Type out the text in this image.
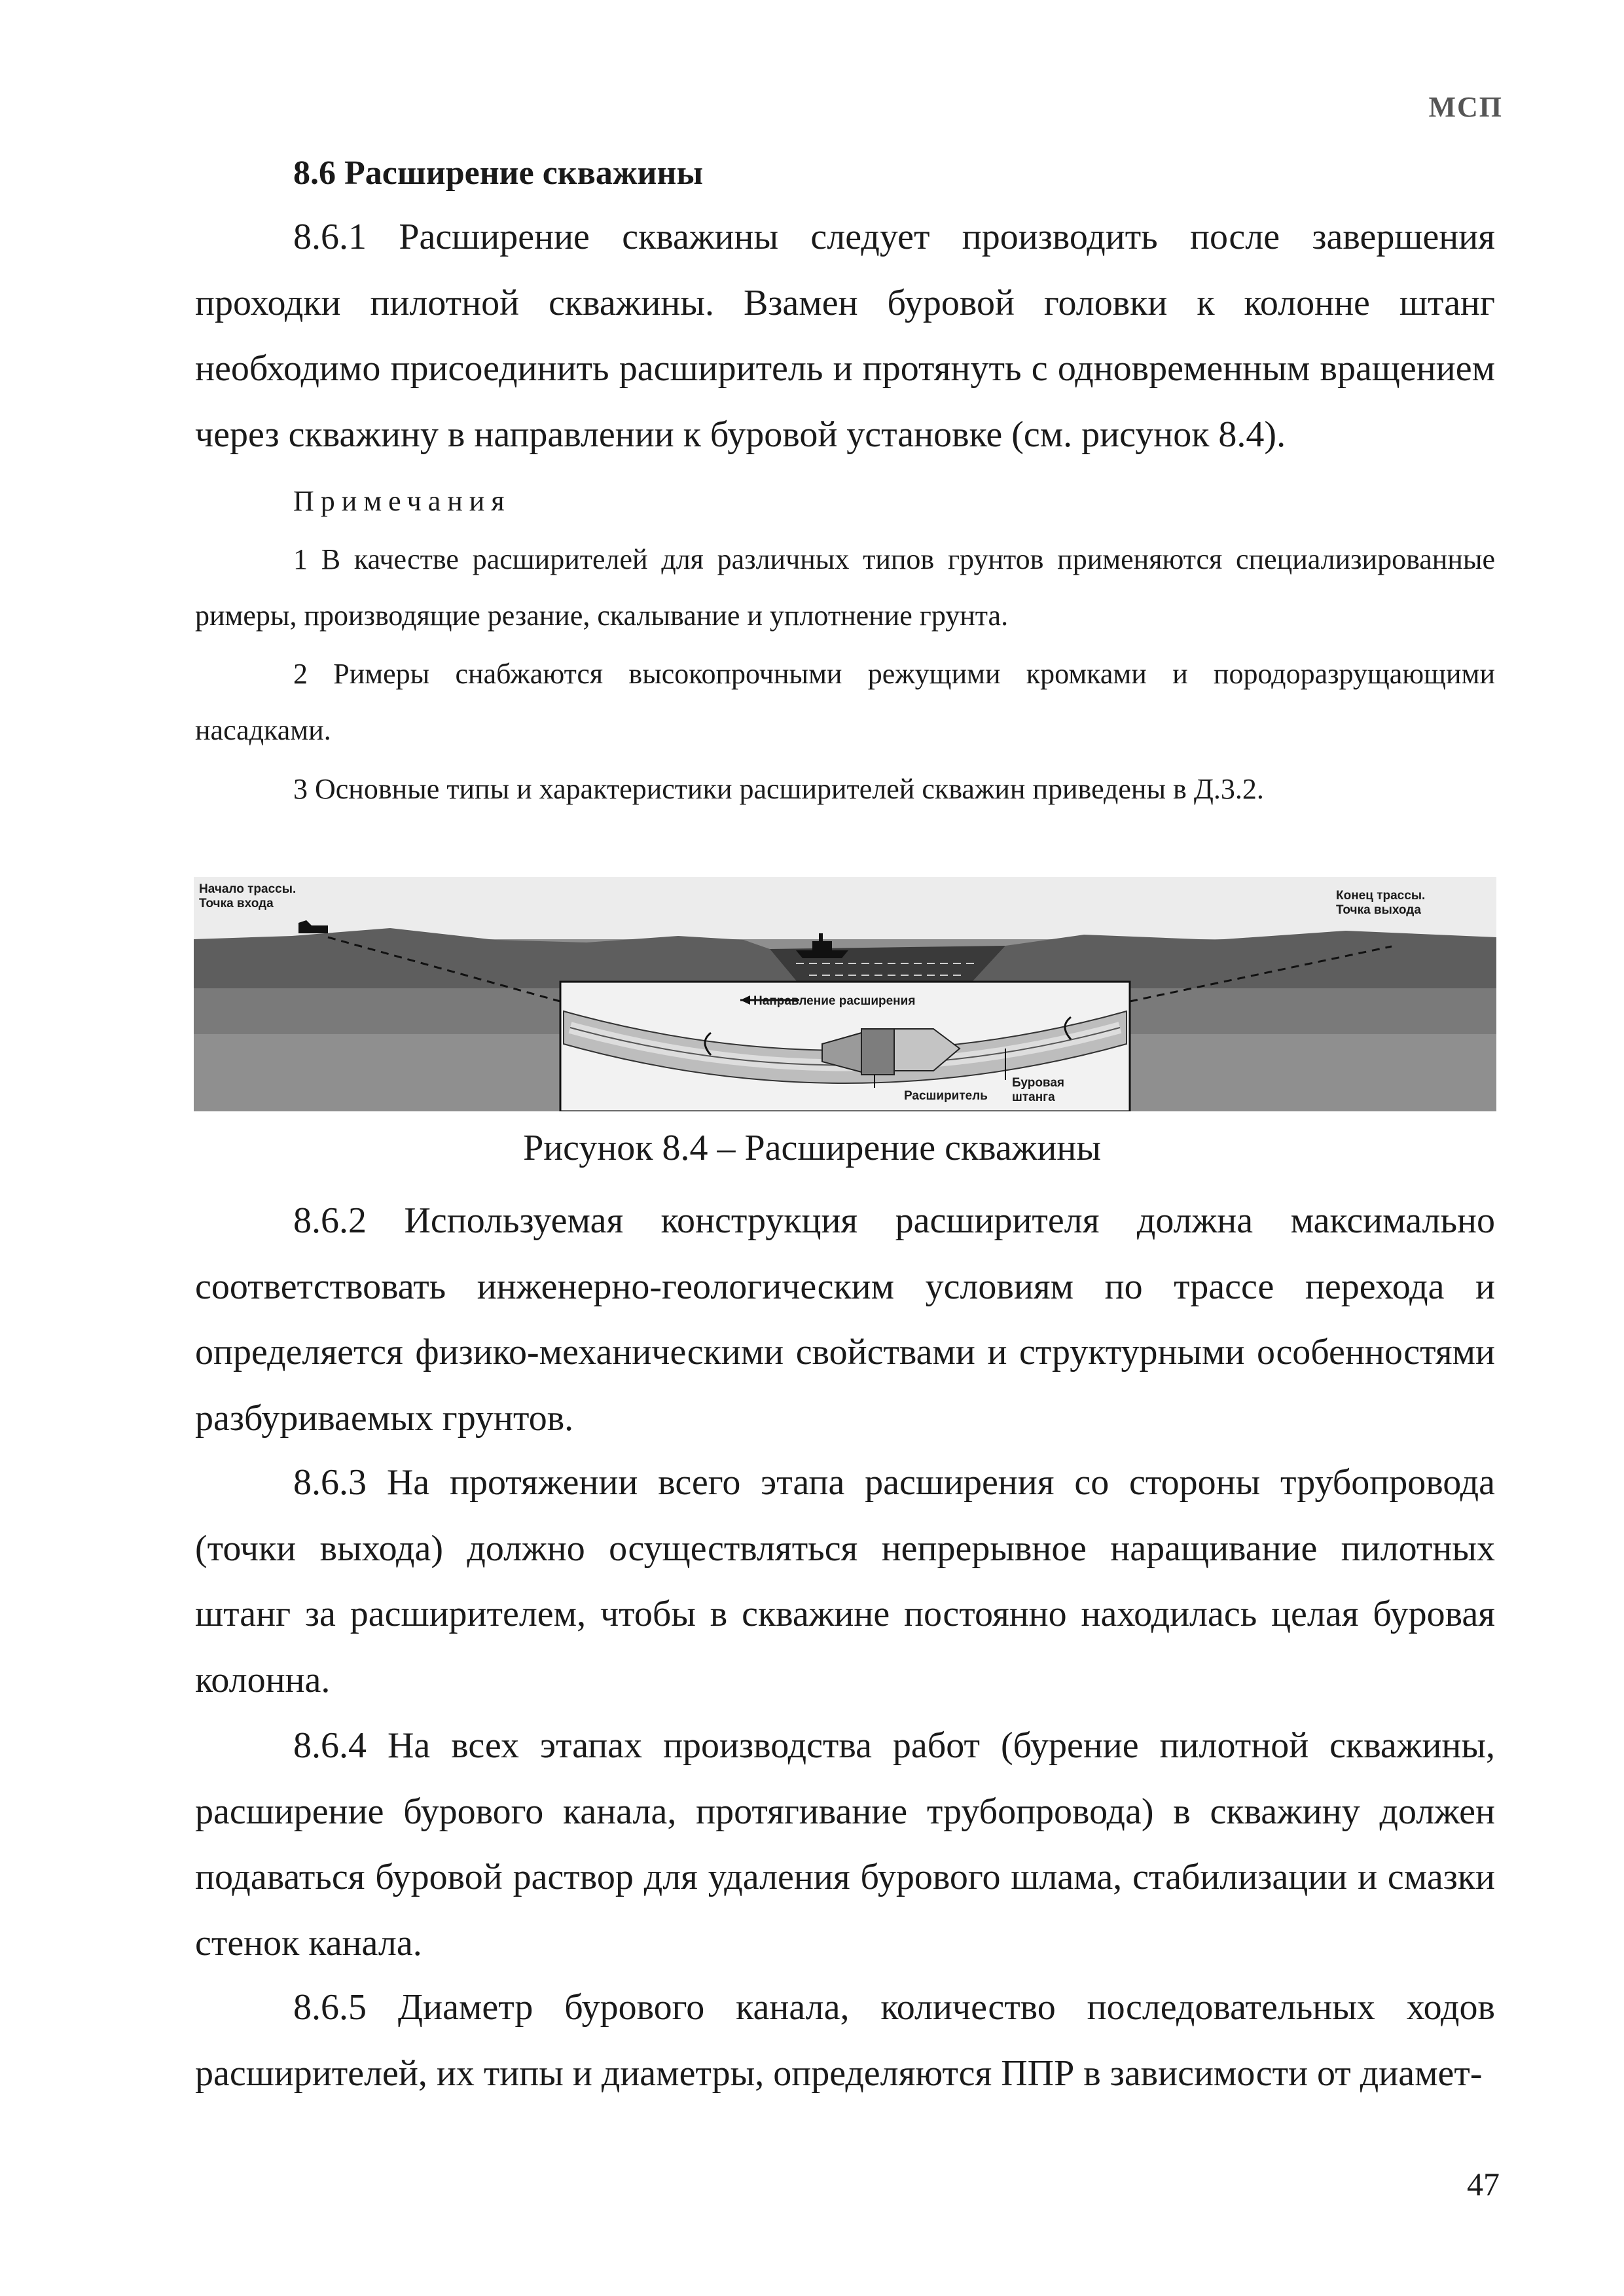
МСП
8.6 Расширение скважины

8.6.1 Расширение скважины следует производить после завершения проходки пилотной скважины. Взамен буровой головки к колонне штанг необходимо присоединить расширитель и протянуть с одновременным вращением через скважину в направлении к буровой установке (см. рисунок 8.4).

Примечания

1 В качестве расширителей для различных типов грунтов применяются специализированные римеры, производящие резание, скалывание и уплотнение грунта.

2 Римеры снабжаются высокопрочными режущими кромками и породоразрущающими насадками.

3 Основные типы и характеристики расширителей скважин приведены в Д.3.2.

Направление расширения
Начало трассы.
Точка входа
Конец трассы.
Точка выхода
Расширитель
Буровая
штанга
Рисунок 8.4 – Расширение скважины

8.6.2 Используемая конструкция расширителя должна максимально соответствовать инженерно-геологическим условиям по трассе перехода и определяется физико-механическими свойствами и структурными особенностями разбуриваемых грунтов.

8.6.3 На протяжении всего этапа расширения со стороны трубопровода (точки выхода) должно осуществляться непрерывное наращивание пилотных штанг за расширителем, чтобы в скважине постоянно находилась целая буровая колонна.

8.6.4 На всех этапах производства работ (бурение пилотной скважины, расширение бурового канала, протягивание трубопровода) в скважину должен подаваться буровой раствор для удаления бурового шлама, стабилизации и смазки стенок канала.

8.6.5 Диаметр бурового канала, количество последовательных ходов расширителей, их типы и диаметры, определяются ППР в зависимости от диамет-

47
